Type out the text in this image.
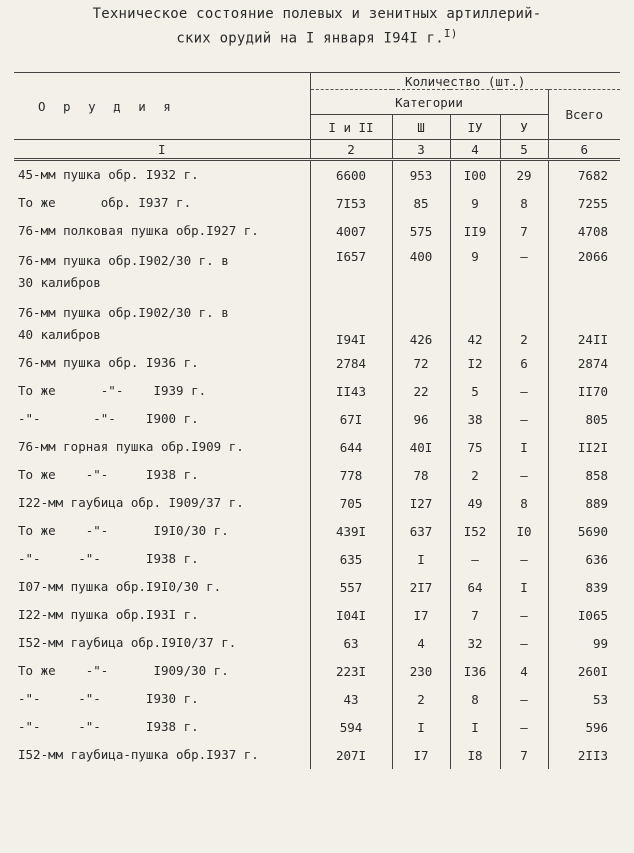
Техническое состояние полевых и зенитных артиллерий-
ских орудий на I января I94I г.$^{I)}$
О р у д и я	Количество (шт.)				
	Категории				Всего
	I и II	Ш	IУ	У	
I	2	3	4	5	6
45-мм пушка обр. I932 г.	6600	953	I00	29	7682
То же      обр. I937 г.	7I53	85	9	8	7255
76-мм полковая пушка обр.I927 г.	4007	575	II9	7	4708
76-мм пушка обр.I902/30 г. в
30 калибров	I657	400	9	–	2066
76-мм пушка обр.I902/30 г. в
40 калибров	I94I	426	42	2	24II
76-мм пушка обр. I936 г.	2784	72	I2	6	2874
То же      -"-    I939 г.	II43	22	5	–	II70
-"-       -"-    I900 г.	67I	96	38	–	805
76-мм горная пушка обр.I909 г.	644	40I	75	I	II2I
То же    -"-     I938 г.	778	78	2	–	858
I22-мм гаубица обр. I909/37 г.	705	I27	49	8	889
То же    -"-      I9I0/30 г.	439I	637	I52	I0	5690
-"-     -"-      I938 г.	635	I	–	–	636
I07-мм пушка обр.I9I0/30 г.	557	2I7	64	I	839
I22-мм пушка обр.I93I г.	I04I	I7	7	–	I065
I52-мм гаубица обр.I9I0/37 г.	63	4	32	–	99
То же    -"-      I909/30 г.	223I	230	I36	4	260I
-"-     -"-      I930 г.	43	2	8	–	53
-"-     -"-      I938 г.	594	I	I	–	596
I52-мм гаубица-пушка обр.I937 г.	207I	I7	I8	7	2II3
